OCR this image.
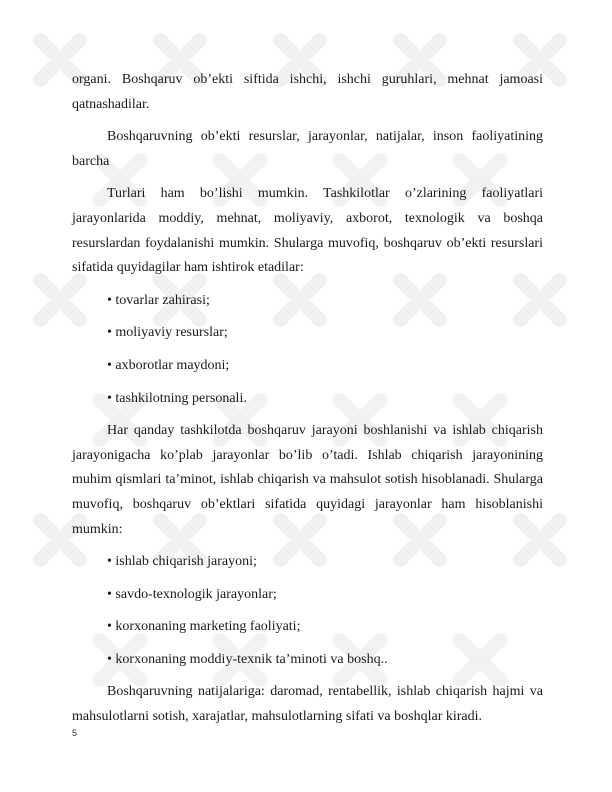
organi. Boshqaruv ob’ekti siftida ishchi, ishchi guruhlari, mehnat jamoasi qatnashadilar.

Boshqaruvning ob’ekti resurslar, jarayonlar, natijalar, inson faoliyatining barcha

Turlari ham bo’lishi mumkin. Tashkilotlar o’zlarining faoliyatlari jarayonlarida moddiy, mehnat, moliyaviy, axborot, texnologik va boshqa resurslardan foydalanishi mumkin. Shularga muvofiq, boshqaruv ob’ekti resurslari sifatida quyidagilar ham ishtirok etadilar:

• tovarlar zahirasi;

• moliyaviy resurslar;

• axborotlar maydoni;

• tashkilotning personali.

Har qanday tashkilotda boshqaruv jarayoni boshlanishi va ishlab chiqarish jarayonigacha ko’plab jarayonlar bo’lib o’tadi. Ishlab chiqarish jarayonining muhim qismlari ta’minot, ishlab chiqarish va mahsulot sotish hisoblanadi. Shularga muvofiq, boshqaruv ob’ektlari sifatida quyidagi jarayonlar ham hisoblanishi mumkin:

• ishlab chiqarish jarayoni;

• savdo-texnologik jarayonlar;

• korxonaning marketing faoliyati;

• korxonaning moddiy-texnik ta’minoti va boshq..

Boshqaruvning natijalariga: daromad, rentabellik, ishlab chiqarish hajmi va mahsulotlarni sotish, xarajatlar, mahsulotlarning sifati va boshqlar kiradi.

5
